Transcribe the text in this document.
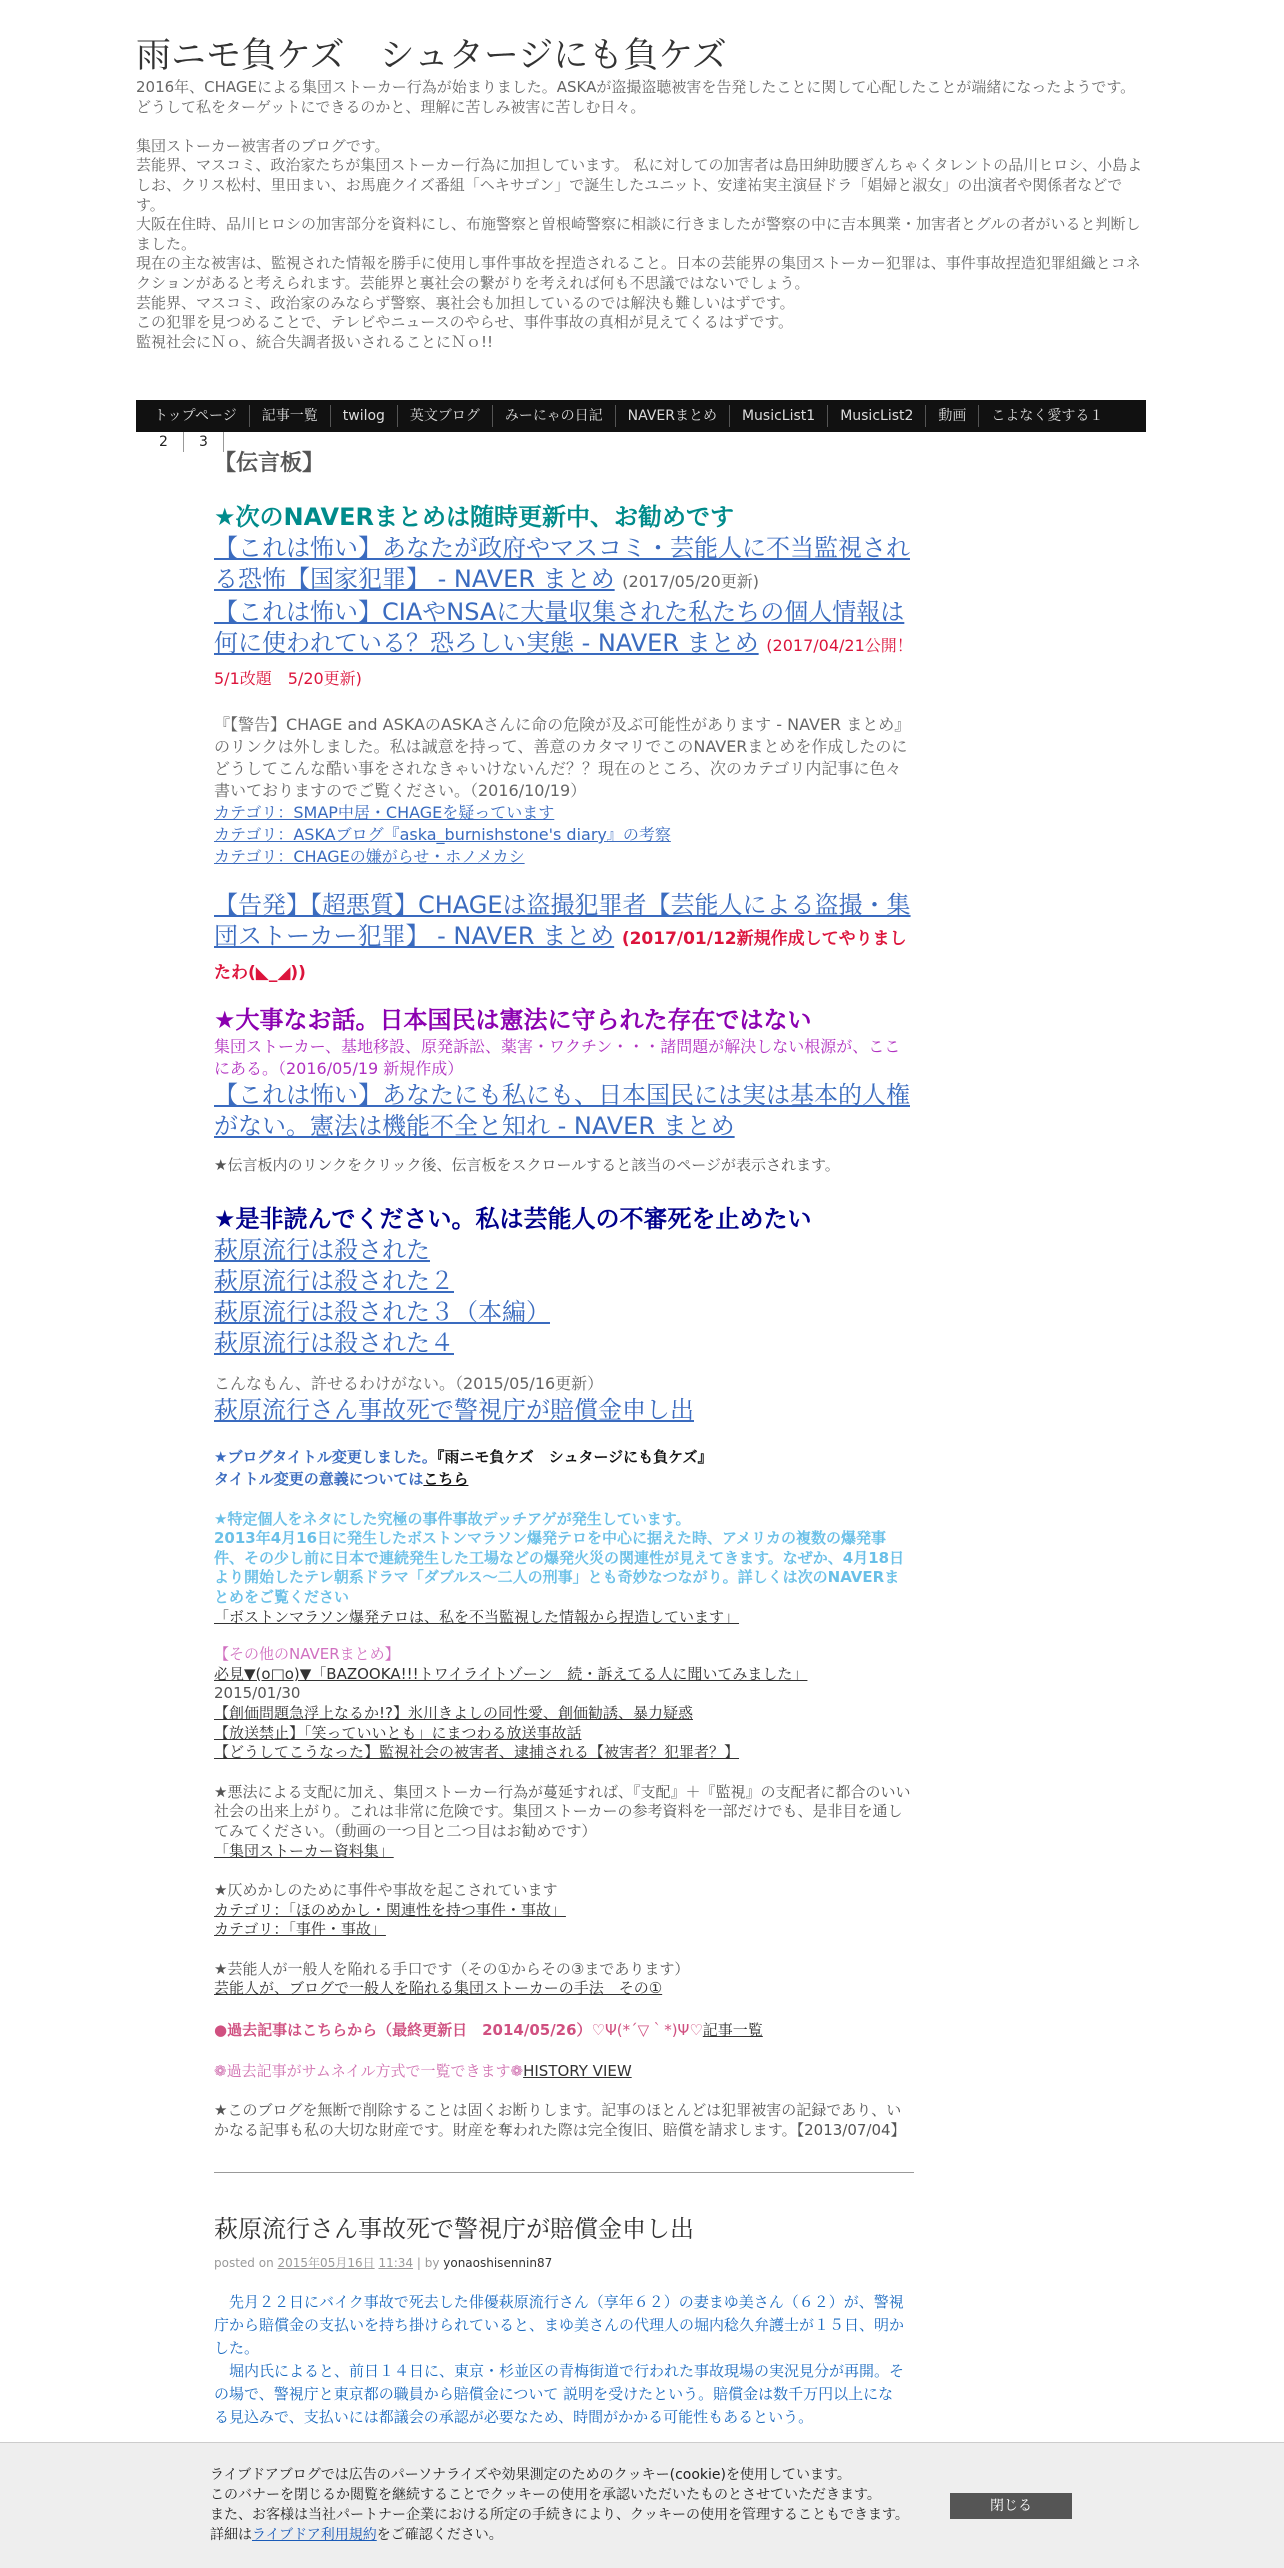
雨ニモ負ケズ　シュタージにも負ケズ

2016年、CHAGEによる集団ストーカー行為が始まりました。ASKAが盗撮盗聴被害を告発したことに関して心配したことが端緒になったようです。 どうして私をターゲットにできるのかと、理解に苦しみ被害に苦しむ日々。

集団ストーカー被害者のブログです。

芸能界、マスコミ、政治家たちが集団ストーカー行為に加担しています。 私に対しての加害者は島田紳助腰ぎんちゃくタレントの品川ヒロシ、小島よしお、クリス松村、里田まい、お馬鹿クイズ番組「ヘキサゴン」で誕生したユニット、安達祐実主演昼ドラ「娼婦と淑女」の出演者や関係者などです。

大阪在住時、品川ヒロシの加害部分を資料にし、布施警察と曽根崎警察に相談に行きましたが警察の中に吉本興業・加害者とグルの者がいると判断しました。

現在の主な被害は、監視された情報を勝手に使用し事件事故を捏造されること。日本の芸能界の集団ストーカー犯罪は、事件事故捏造犯罪組織とコネクションがあると考えられます。芸能界と裏社会の繋がりを考えれば何も不思議ではないでしょう。

芸能界、マスコミ、政治家のみならず警察、裏社会も加担しているのでは解決も難しいはずです。

この犯罪を見つめることで、テレビやニュースのやらせ、事件事故の真相が見えてくるはずです。

監視社会にＮｏ、統合失調者扱いされることにＮｏ!!

トップページ	記事一覧	twilog	英文ブログ	みーにゃの日記	NAVERまとめ	MusicList1	MusicList2	動画	こよなく愛する１
2	3
【伝言板】
★次のNAVERまとめは随時更新中、お勧めです
【これは怖い】あなたが政府やマスコミ・芸能人に不当監視される恐怖【国家犯罪】 - NAVER まとめ (2017/05/20更新)
【これは怖い】CIAやNSAに大量収集された私たちの個人情報は何に使われている？恐ろしい実態 - NAVER まとめ (2017/04/21公開！　5/1改題　5/20更新)
『【警告】CHAGE and ASKAのASKAさんに命の危険が及ぶ可能性があります - NAVER まとめ』のリンクは外しました。私は誠意を持って、善意のカタマリでこのNAVERまとめを作成したのにどうしてこんな酷い事をされなきゃいけないんだ？？現在のところ、次のカテゴリ内記事に色々書いておりますのでご覧ください。（2016/10/19）
カテゴリ：SMAP中居・CHAGEを疑っています
カテゴリ：ASKAブログ『aska_burnishstone's diary』の考察
カテゴリ：CHAGEの嫌がらせ・ホノメカシ
【告発】【超悪質】CHAGEは盗撮犯罪者【芸能人による盗撮・集団ストーカー犯罪】 - NAVER まとめ (2017/01/12新規作成してやりましたわ(◣_◢))
★大事なお話。日本国民は憲法に守られた存在ではない
集団ストーカー、基地移設、原発訴訟、薬害・ワクチン・・・諸問題が解決しない根源が、ここにある。（2016/05/19 新規作成）
【これは怖い】あなたにも私にも、日本国民には実は基本的人権がない。憲法は機能不全と知れ - NAVER まとめ
★伝言板内のリンクをクリック後、伝言板をスクロールすると該当のページが表示されます。
★是非読んでください。私は芸能人の不審死を止めたい
萩原流行は殺された
萩原流行は殺された２
萩原流行は殺された３（本編）
萩原流行は殺された４
こんなもん、許せるわけがない。（2015/05/16更新）
萩原流行さん事故死で警視庁が賠償金申し出
★ブログタイトル変更しました。『雨ニモ負ケズ　シュタージにも負ケズ』
タイトル変更の意義についてはこちら
★特定個人をネタにした究極の事件事故デッチアゲが発生しています。
2013年4月16日に発生したボストンマラソン爆発テロを中心に据えた時、アメリカの複数の爆発事件、その少し前に日本で連続発生した工場などの爆発火災の関連性が見えてきます。なぜか、4月18日より開始したテレ朝系ドラマ「ダブルス～二人の刑事」とも奇妙なつながり。詳しくは次のNAVERまとめをご覧ください
「ボストンマラソン爆発テロは、私を不当監視した情報から捏造しています」
【その他のNAVERまとめ】
必見▼(o□o)▼「BAZOOKA!!!トワイライトゾーン　続・訴えてる人に聞いてみました」
2015/01/30
【創価問題急浮上なるか!?】氷川きよしの同性愛、創価勧誘、暴力疑惑
【放送禁止】「笑っていいとも」にまつわる放送事故話
【どうしてこうなった】監視社会の被害者、逮捕される【被害者？犯罪者？】
★悪法による支配に加え、集団ストーカー行為が蔓延すれば、『支配』＋『監視』の支配者に都合のいい社会の出来上がり。これは非常に危険です。集団ストーカーの参考資料を一部だけでも、是非目を通してみてください。（動画の一つ目と二つ目はお勧めです）
「集団ストーカー資料集」
★仄めかしのために事件や事故を起こされています
カテゴリ：「ほのめかし・関連性を持つ事件・事故」
カテゴリ：「事件・事故」
★芸能人が一般人を陥れる手口です（その①からその③まであります）
芸能人が、ブログで一般人を陥れる集団ストーカーの手法　その①
●過去記事はこちらから（最終更新日　2014/05/26）♡Ψ(*´▽｀*)Ψ♡記事一覧
❁過去記事がサムネイル方式で一覧できます❁HISTORY VIEW
★このブログを無断で削除することは固くお断りします。記事のほとんどは犯罪被害の記録であり、いかなる記事も私の大切な財産です。財産を奪われた際は完全復旧、賠償を請求します。【2013/07/04】
萩原流行さん事故死で警視庁が賠償金申し出
posted on 2015年05月16日 11:34 | by yonaoshisennin87

　先月２２日にバイク事故で死去した俳優萩原流行さん（享年６２）の妻まゆ美さん（６２）が、警視庁から賠償金の支払いを持ち掛けられていると、まゆ美さんの代理人の堀内稔久弁護士が１５日、明かした。

　堀内氏によると、前日１４日に、東京・杉並区の青梅街道で行われた事故現場の実況見分が再開。その場で、警視庁と東京都の職員から賠償金について 説明を受けたという。賠償金は数千万円以上になる見込みで、支払いには都議会の承認が必要なため、時間がかかる可能性もあるという。

ライブドアブログでは広告のパーソナライズや効果測定のためのクッキー(cookie)を使用しています。
このバナーを閉じるか閲覧を継続することでクッキーの使用を承認いただいたものとさせていただきます。
また、お客様は当社パートナー企業における所定の手続きにより、クッキーの使用を管理することもできます。
詳細はライブドア利用規約をご確認ください。
閉じる
